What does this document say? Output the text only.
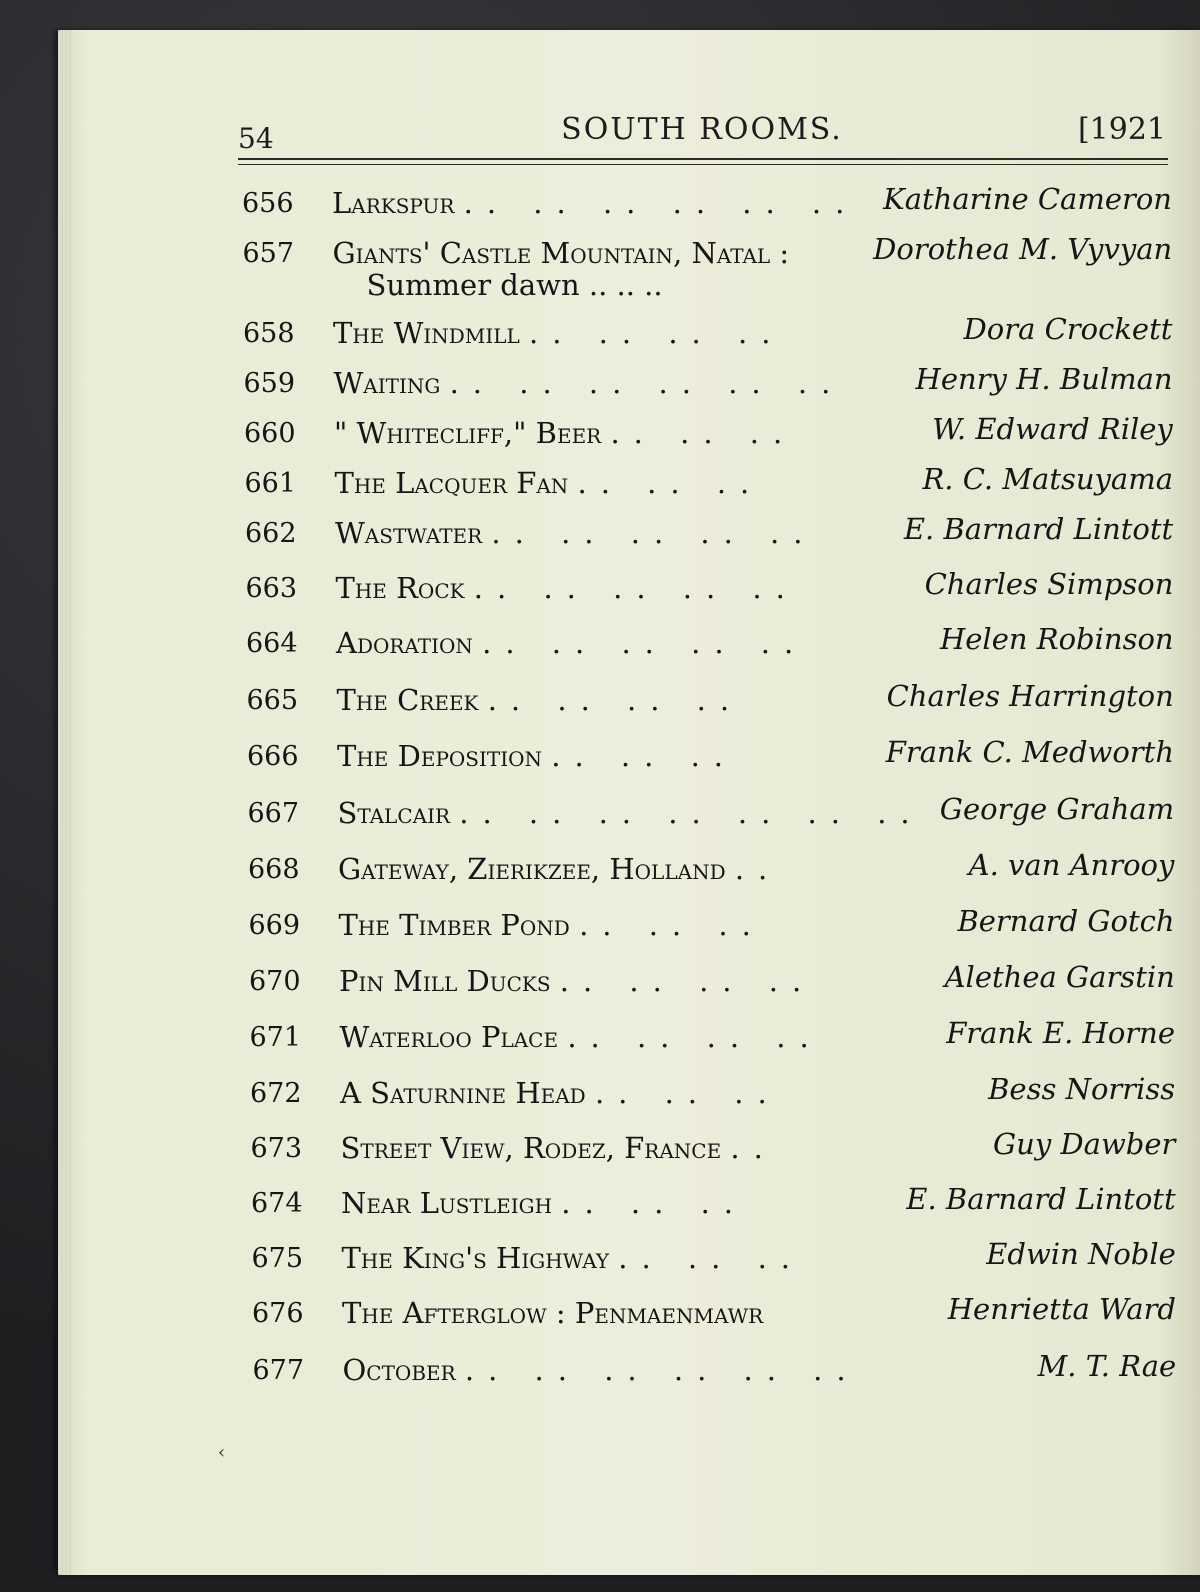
54	SOUTH ROOMS.	[1921
656 Larkspur .. .. .. .. .. .. Katharine Cameron
657 Giants' Castle Mountain, Natal :
Summer dawn .. .. ..
Dorothea M. Vyvyan
658 The Windmill .. .. .. ..	Dora Crockett
659 Waiting .. .. .. .. .. .. Henry H. Bulman
660 " Whitecliff," Beer .. .. ..	W. Edward Riley
661 The Lacquer Fan .. .. ..	R. C. Matsuyama
662 Wastwater .. .. .. .. ..	E. Barnard Lintott
663 The Rock .. .. .. .. ..	Charles Simpson
664 Adoration .. .. .. .. ..	Helen Robinson
665 The Creek .. .. .. ..	Charles Harrington
666 The Deposition .. .. ..	Frank C. Medworth
667 Stalcair .. .. .. .. .. .. .. George Graham
668 Gateway, Zierikzee, Holland ..	A. van Anrooy
669 The Timber Pond .. .. ..	Bernard Gotch
670 Pin Mill Ducks .. .. .. ..	Alethea Garstin
671 Waterloo Place .. .. .. ..	Frank E. Horne
672 A Saturnine Head .. .. ..	Bess Norriss
673 Street View, Rodez, France ..	Guy Dawber
674 Near Lustleigh .. .. ..	E. Barnard Lintott
675 The King's Highway .. .. ..	Edwin Noble
676 The Afterglow : Penmaenmawr	Henrietta Ward
677 October .. .. .. .. .. ..	M. T. Rae
‹
